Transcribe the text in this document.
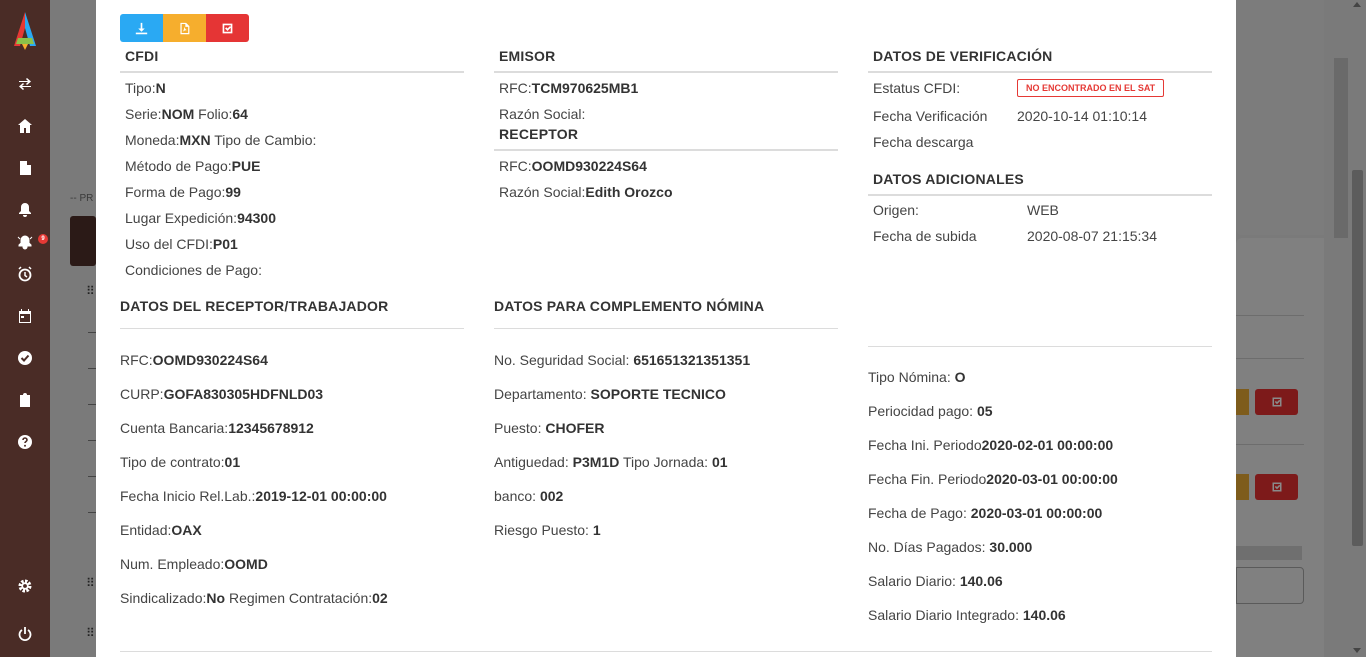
9
-- PR
⠿
⠿
⠿
CFDI
Tipo:N
Serie:NOM Folio:64
Moneda:MXN Tipo de Cambio:
Método de Pago:PUE
Forma de Pago:99
Lugar Expedición:94300
Uso del CFDI:P01
Condiciones de Pago:
EMISOR
RFC:TCM970625MB1
Razón Social:
RECEPTOR
RFC:OOMD930224S64
Razón Social:Edith Orozco
DATOS DE VERIFICACIÓN
Estatus CFDI:	NO ENCONTRADO EN EL SAT
Fecha Verificación 2020-10-14 01:10:14
Fecha descarga
DATOS ADICIONALES
Origen:	WEB
Fecha de subida	2020-08-07 21:15:34
DATOS DEL RECEPTOR/TRABAJADOR
RFC:OOMD930224S64
CURP:GOFA830305HDFNLD03
Cuenta Bancaria:12345678912
Tipo de contrato:01
Fecha Inicio Rel.Lab.:2019-12-01 00:00:00
Entidad:OAX
Num. Empleado:OOMD
Sindicalizado:No Regimen Contratación:02
DATOS PARA COMPLEMENTO NÓMINA
No. Seguridad Social: 651651321351351
Departamento: SOPORTE TECNICO
Puesto: CHOFER
Antiguedad: P3M1D Tipo Jornada: 01
banco: 002
Riesgo Puesto: 1
Tipo Nómina: O
Periocidad pago: 05
Fecha Ini. Periodo2020-02-01 00:00:00
Fecha Fin. Periodo2020-03-01 00:00:00
Fecha de Pago: 2020-03-01 00:00:00
No. Días Pagados: 30.000
Salario Diario: 140.06
Salario Diario Integrado: 140.06
